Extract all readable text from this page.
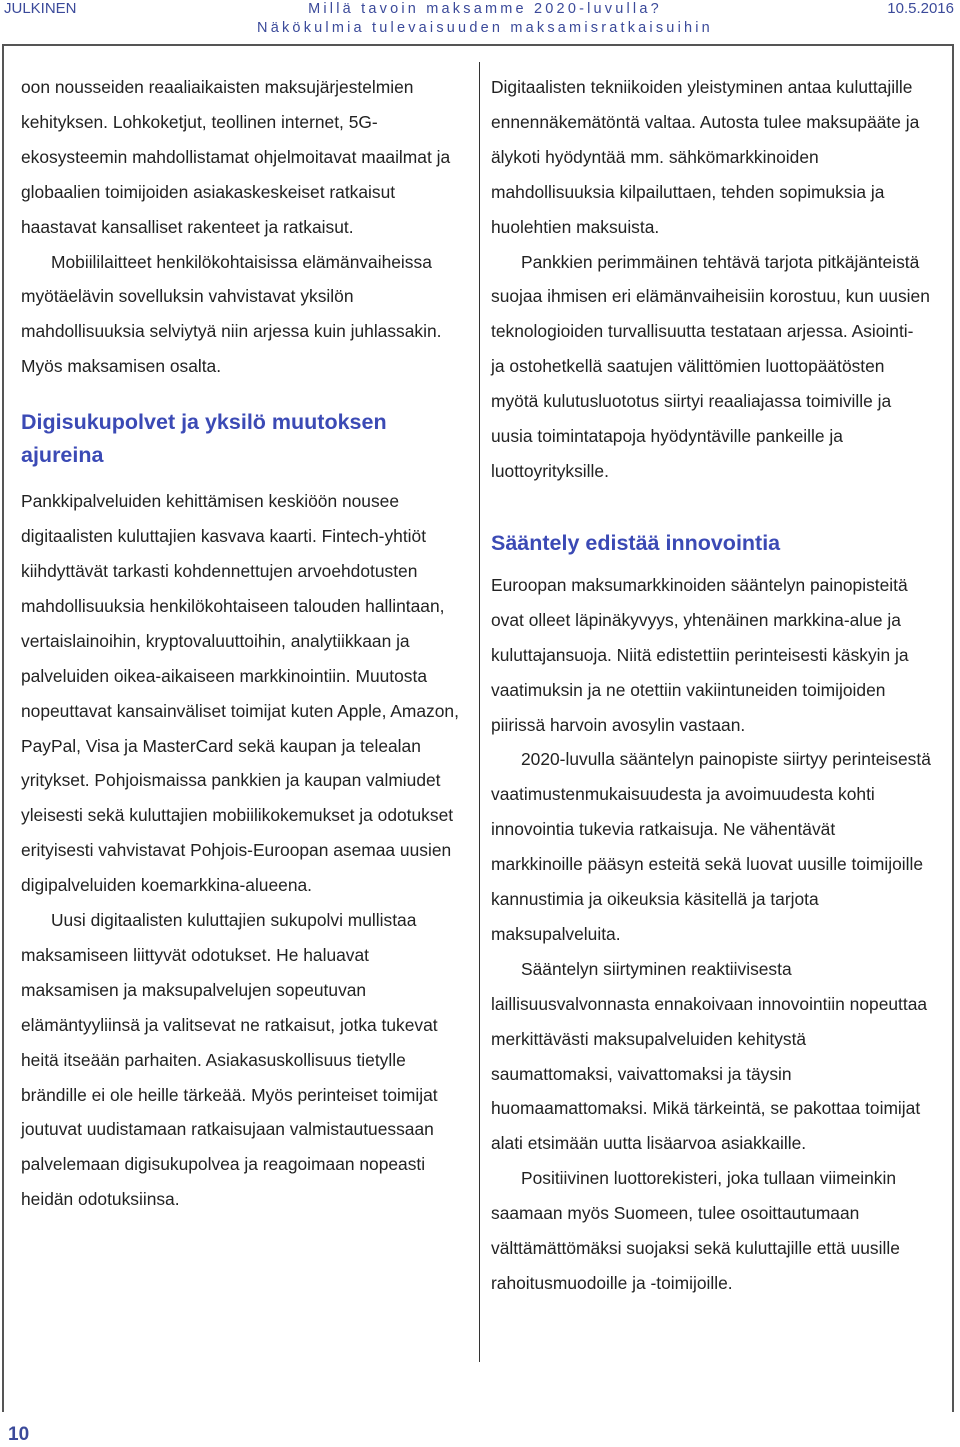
JULKINEN	Millä tavoin maksamme 2020-luvulla?
Näkökulmia tulevaisuuden maksamisratkaisuihin
10.5.2016

oon nousseiden reaaliaikaisten maksujärjestelmien kehityksen. Lohkoketjut, teollinen internet, 5G-ekosysteemin mahdollistamat ohjelmoitavat maailmat ja globaalien toimijoiden asiakaskeskeiset ratkaisut haastavat kansalliset rakenteet ja ratkaisut.

Mobiililaitteet henkilökohtaisissa elämänvaiheissa myötäelävin sovelluksin vahvistavat yksilön mahdollisuuksia selviytyä niin arjessa kuin juhlassakin. Myös maksamisen osalta.

Digisukupolvet ja yksilö muutoksen ajureina

Pankkipalveluiden kehittämisen keskiöön nousee digitaalisten kuluttajien kasvava kaarti. Fintech-yhtiöt kiihdyttävät tarkasti kohdennettujen arvoehdotusten mahdollisuuksia henkilökohtaiseen talouden hallintaan, vertaislainoihin, kryptovaluuttoihin, analytiikkaan ja palveluiden oikea-aikaiseen markkinointiin. Muutosta nopeuttavat kansainväliset toimijat kuten Apple, Amazon, PayPal, Visa ja MasterCard sekä kaupan ja telealan yritykset. Pohjoismaissa pankkien ja kaupan valmiudet yleisesti sekä kuluttajien mobiilikokemukset ja odotukset erityisesti vahvistavat Pohjois-Euroopan asemaa uusien digipalveluiden koemarkkina-alueena.

Uusi digitaalisten kuluttajien sukupolvi mullistaa maksamiseen liittyvät odotukset. He haluavat maksamisen ja maksupalvelujen sopeutuvan elämäntyyliinsä ja valitsevat ne ratkaisut, jotka tukevat heitä itseään parhaiten. Asiakasuskollisuus tietylle brändille ei ole heille tärkeää. Myös perinteiset toimijat joutuvat uudistamaan ratkaisujaan valmistautuessaan palvelemaan digisukupolvea ja reagoimaan nopeasti heidän odotuksiinsa.

Digitaalisten tekniikoiden yleistyminen antaa kuluttajille ennennäkemätöntä valtaa. Autosta tulee maksupääte ja älykoti hyödyntää mm. sähkömarkkinoiden mahdollisuuksia kilpailuttaen, tehden sopimuksia ja huolehtien maksuista.

Pankkien perimmäinen tehtävä tarjota pitkäjänteistä suojaa ihmisen eri elämänvaiheisiin korostuu, kun uusien teknologioiden turvallisuutta testataan arjessa. Asiointi- ja ostohetkellä saatujen välittömien luottopäätösten myötä kulutusluototus siirtyi reaaliajassa toimiville ja uusia toimintatapoja hyödyntäville pankeille ja luottoyrityksille.

Sääntely edistää innovointia

Euroopan maksumarkkinoiden sääntelyn painopisteitä ovat olleet läpinäkyvyys, yhtenäinen markkina-alue ja kuluttajansuoja. Niitä edistettiin perinteisesti käskyin ja vaatimuksin ja ne otettiin vakiintuneiden toimijoiden piirissä harvoin avosylin vastaan.

2020-luvulla sääntelyn painopiste siirtyy perinteisestä vaatimustenmukaisuudesta ja avoimuudesta kohti innovointia tukevia ratkaisuja. Ne vähentävät markkinoille pääsyn esteitä sekä luovat uusille toimijoille kannustimia ja oikeuksia käsitellä ja tarjota maksupalveluita.

Sääntelyn siirtyminen reaktiivisesta laillisuusvalvonnasta ennakoivaan innovointiin nopeuttaa merkittävästi maksupalveluiden kehitystä saumattomaksi, vaivattomaksi ja täysin huomaamattomaksi. Mikä tärkeintä, se pakottaa toimijat alati etsimään uutta lisäarvoa asiakkaille.

Positiivinen luottorekisteri, joka tullaan viimeinkin saamaan myös Suomeen, tulee osoittautumaan välttämättömäksi suojaksi sekä kuluttajille että uusille rahoitusmuodoille ja -toimijoille.

10
